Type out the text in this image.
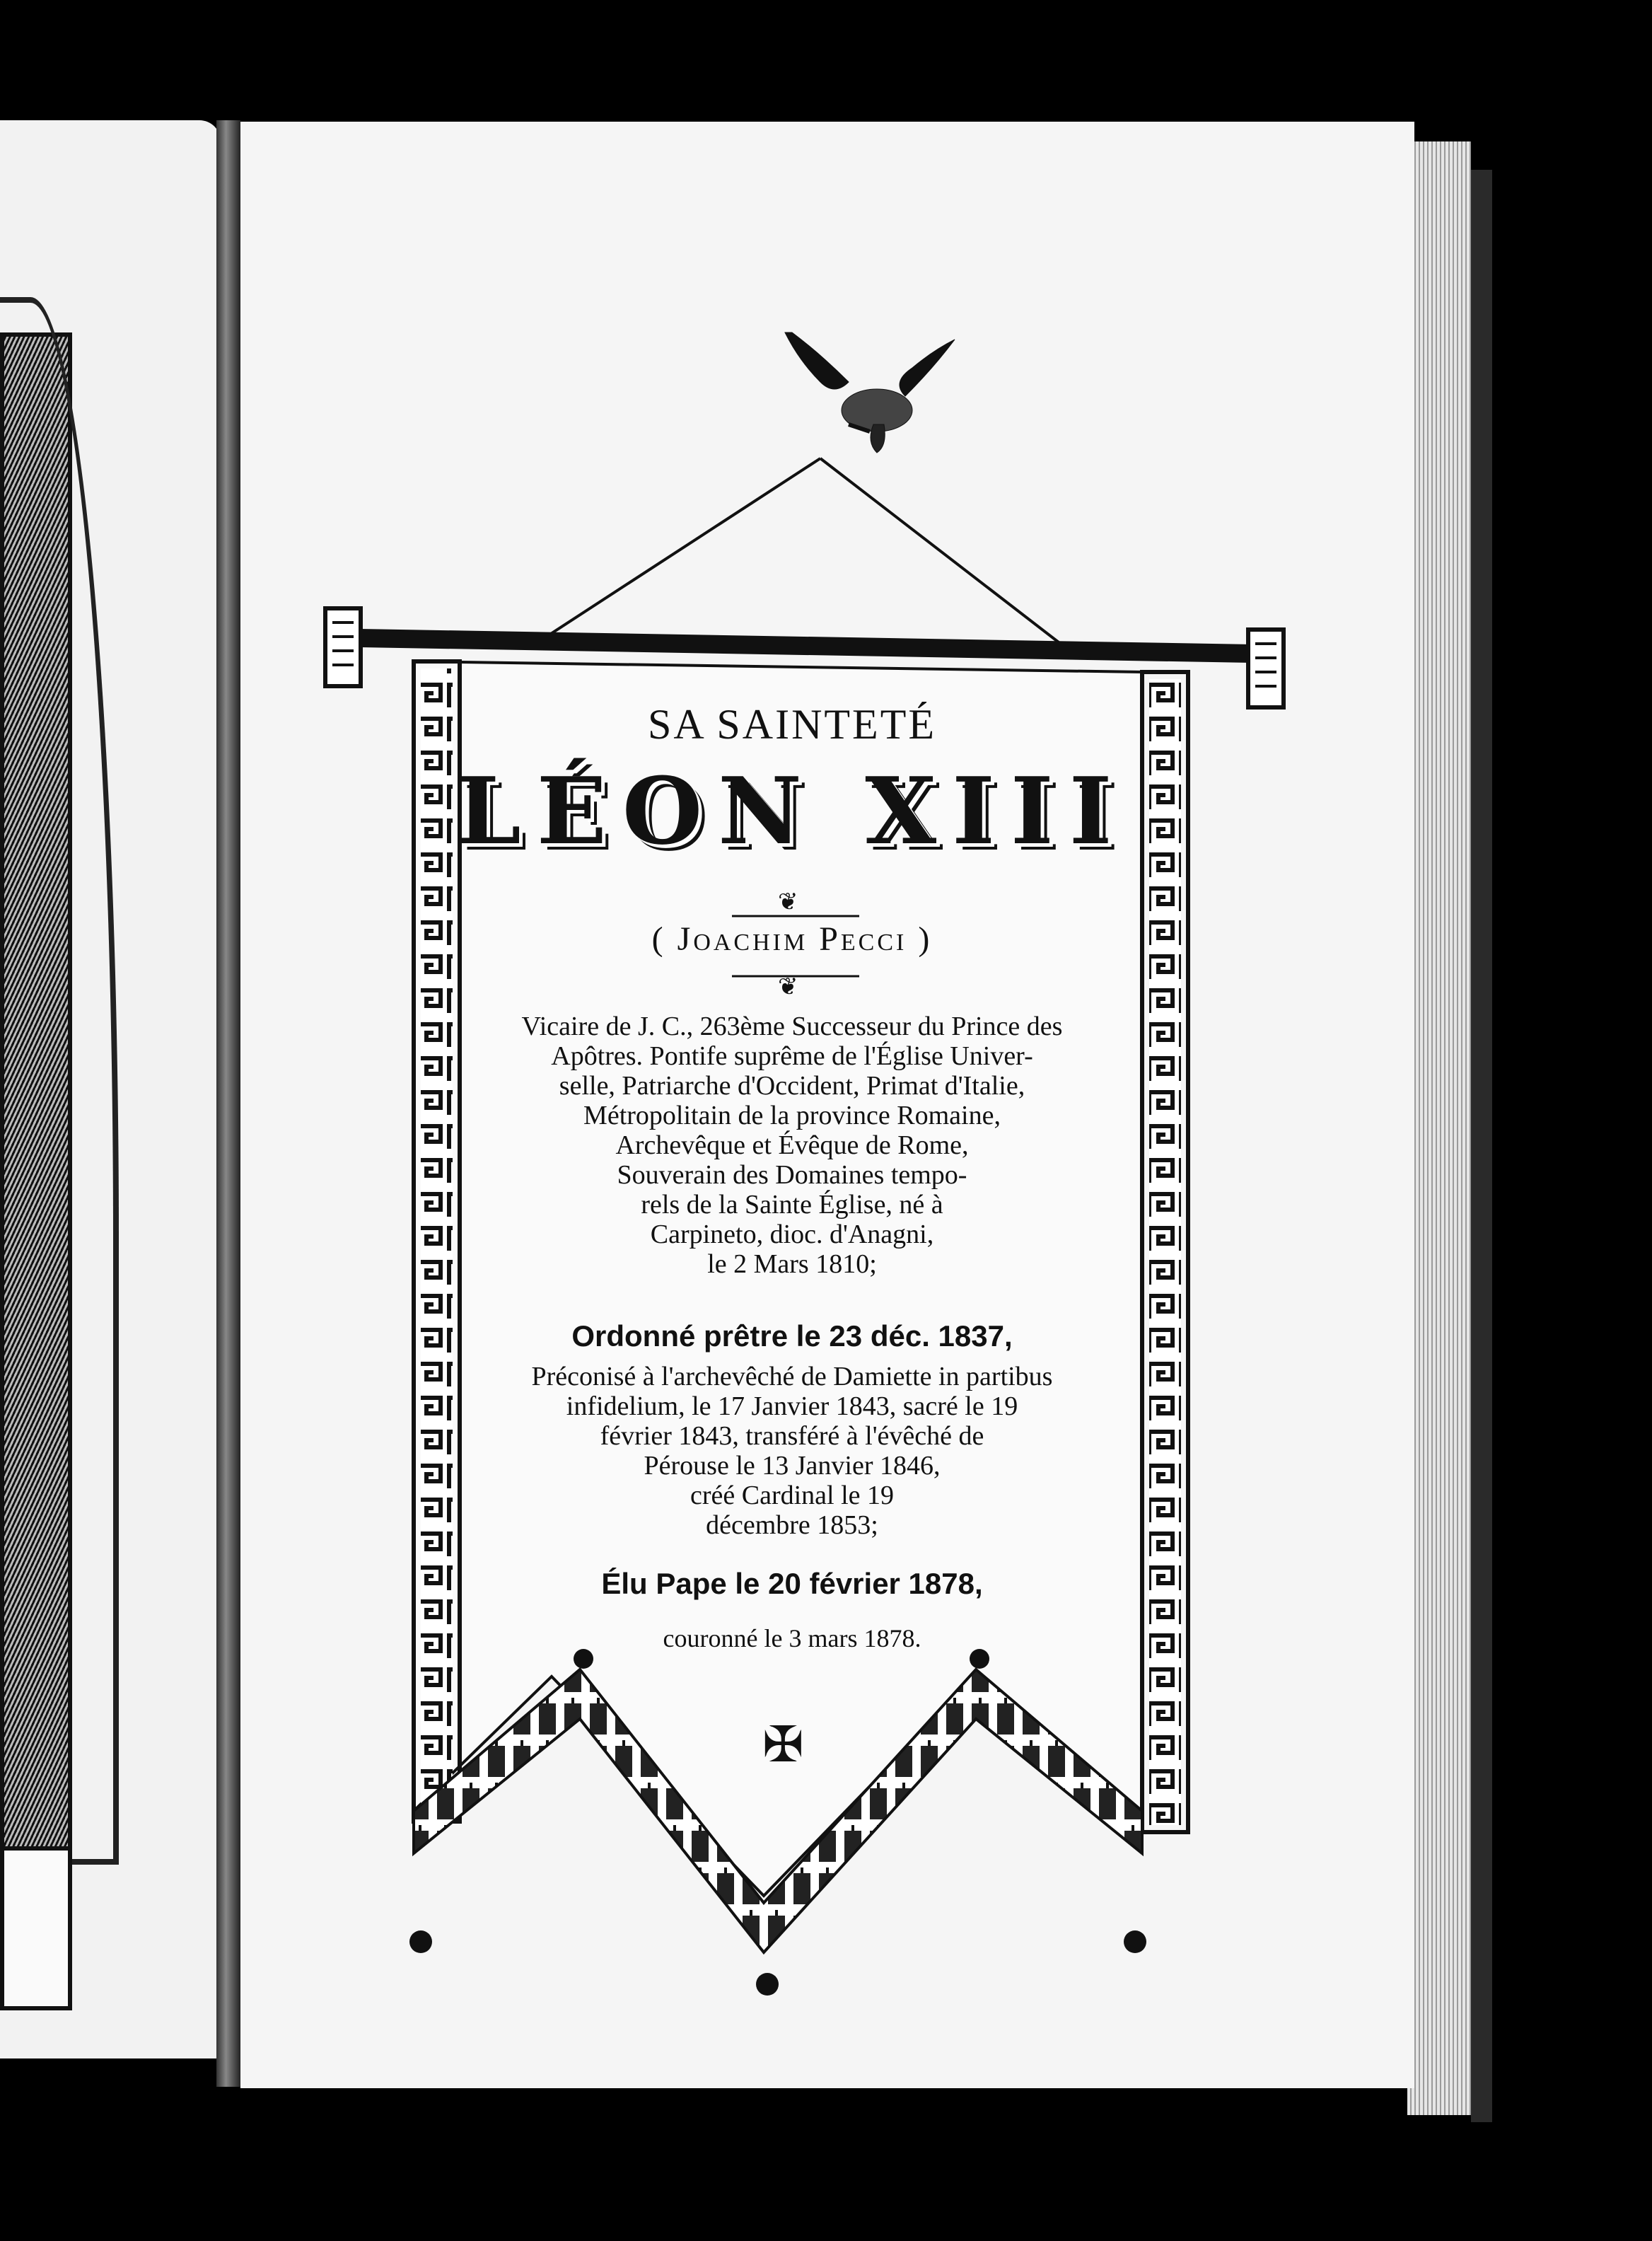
❦
❦
SA SAINTETÉ
LÉON XIII
( Joachim Pecci )
Vicaire de J. C., 263ème Successeur du Prince des
Apôtres. Pontife suprême de l'Église Univer-
selle, Patriarche d'Occident, Primat d'Italie,
Métropolitain de la province Romaine,
Archevêque et Évêque de Rome,
Souverain des Domaines tempo-
rels de la Sainte Église, né à
Carpineto, dioc. d'Anagni,
le 2 Mars 1810;
Ordonné prêtre le 23 déc. 1837,
Préconisé à l'archevêché de Damiette in partibus
infidelium, le 17 Janvier 1843, sacré le 19
février 1843, transféré à l'évêché de
Pérouse le 13 Janvier 1846,
créé Cardinal le 19
décembre 1853;
Élu Pape le 20 février 1878,
couronné le 3 mars 1878.
✠
